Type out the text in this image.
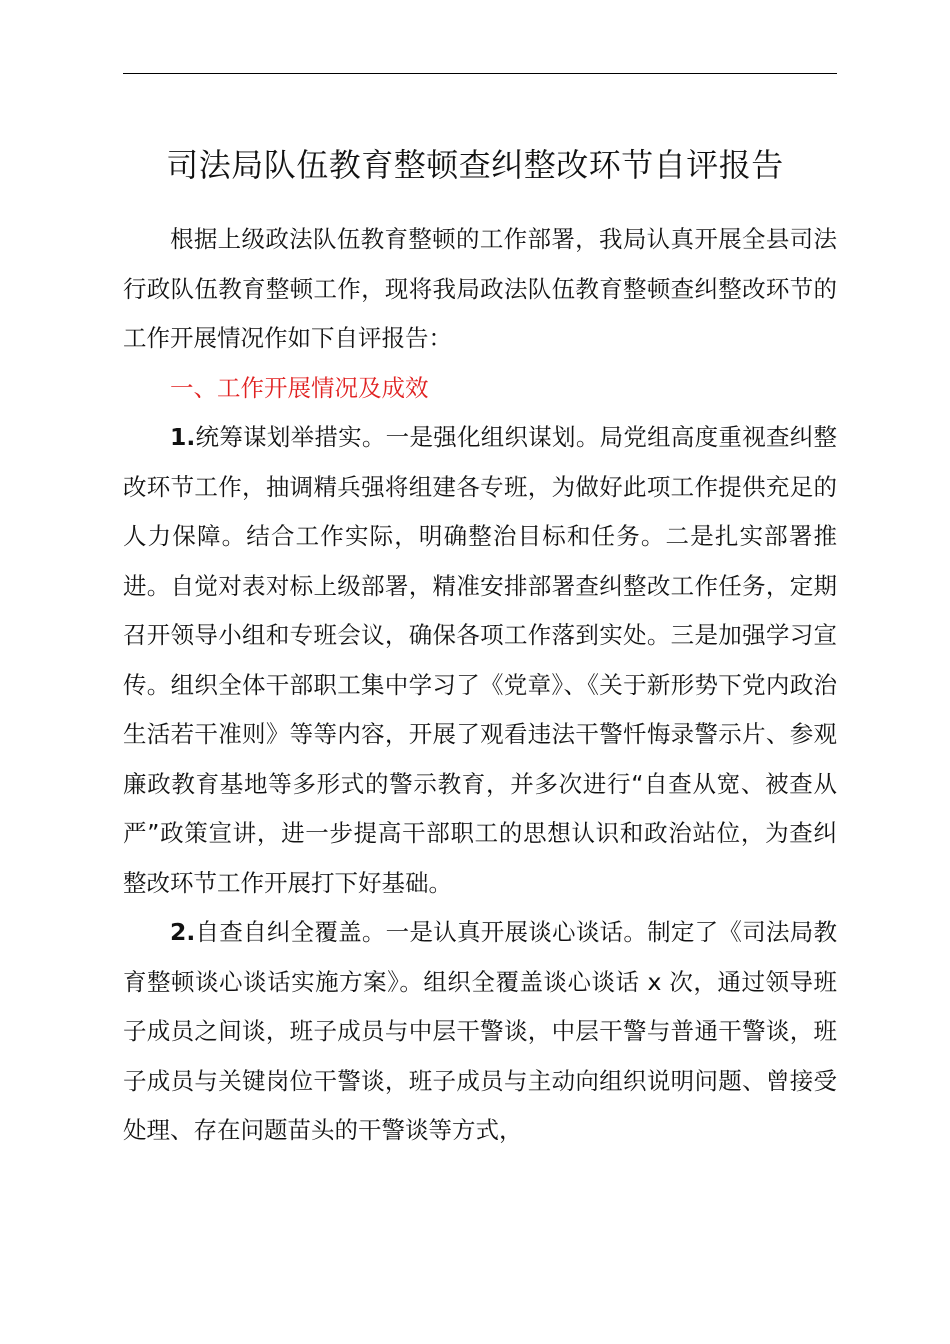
司法局队伍教育整顿查纠整改环节自评报告

根据上级政法队伍教育整顿的工作部署，我局认真开展全县司法行政队伍教育整顿工作，现将我局政法队伍教育整顿查纠整改环节的工作开展情况作如下自评报告：

一、工作开展情况及成效

1.统筹谋划举措实。一是强化组织谋划。局党组高度重视查纠整改环节工作，抽调精兵强将组建各专班，为做好此项工作提供充足的人力保障。结合工作实际，明确整治目标和任务。二是扎实部署推进。自觉对表对标上级部署，精准安排部署查纠整改工作任务，定期召开领导小组和专班会议，确保各项工作落到实处。三是加强学习宣传。组织全体干部职工集中学习了《党章》、《关于新形势下党内政治生活若干准则》等等内容，开展了观看违法干警忏悔录警示片、参观廉政教育基地等多形式的警示教育，并多次进行“自查从宽、被查从严”政策宣讲，进一步提高干部职工的思想认识和政治站位，为查纠整改环节工作开展打下好基础。

2.自查自纠全覆盖。一是认真开展谈心谈话。制定了《司法局教育整顿谈心谈话实施方案》。组织全覆盖谈心谈话 x 次，通过领导班子成员之间谈，班子成员与中层干警谈，中层干警与普通干警谈，班子成员与关键岗位干警谈，班子成员与主动向组织说明问题、曾接受处理、存在问题苗头的干警谈等方式，
